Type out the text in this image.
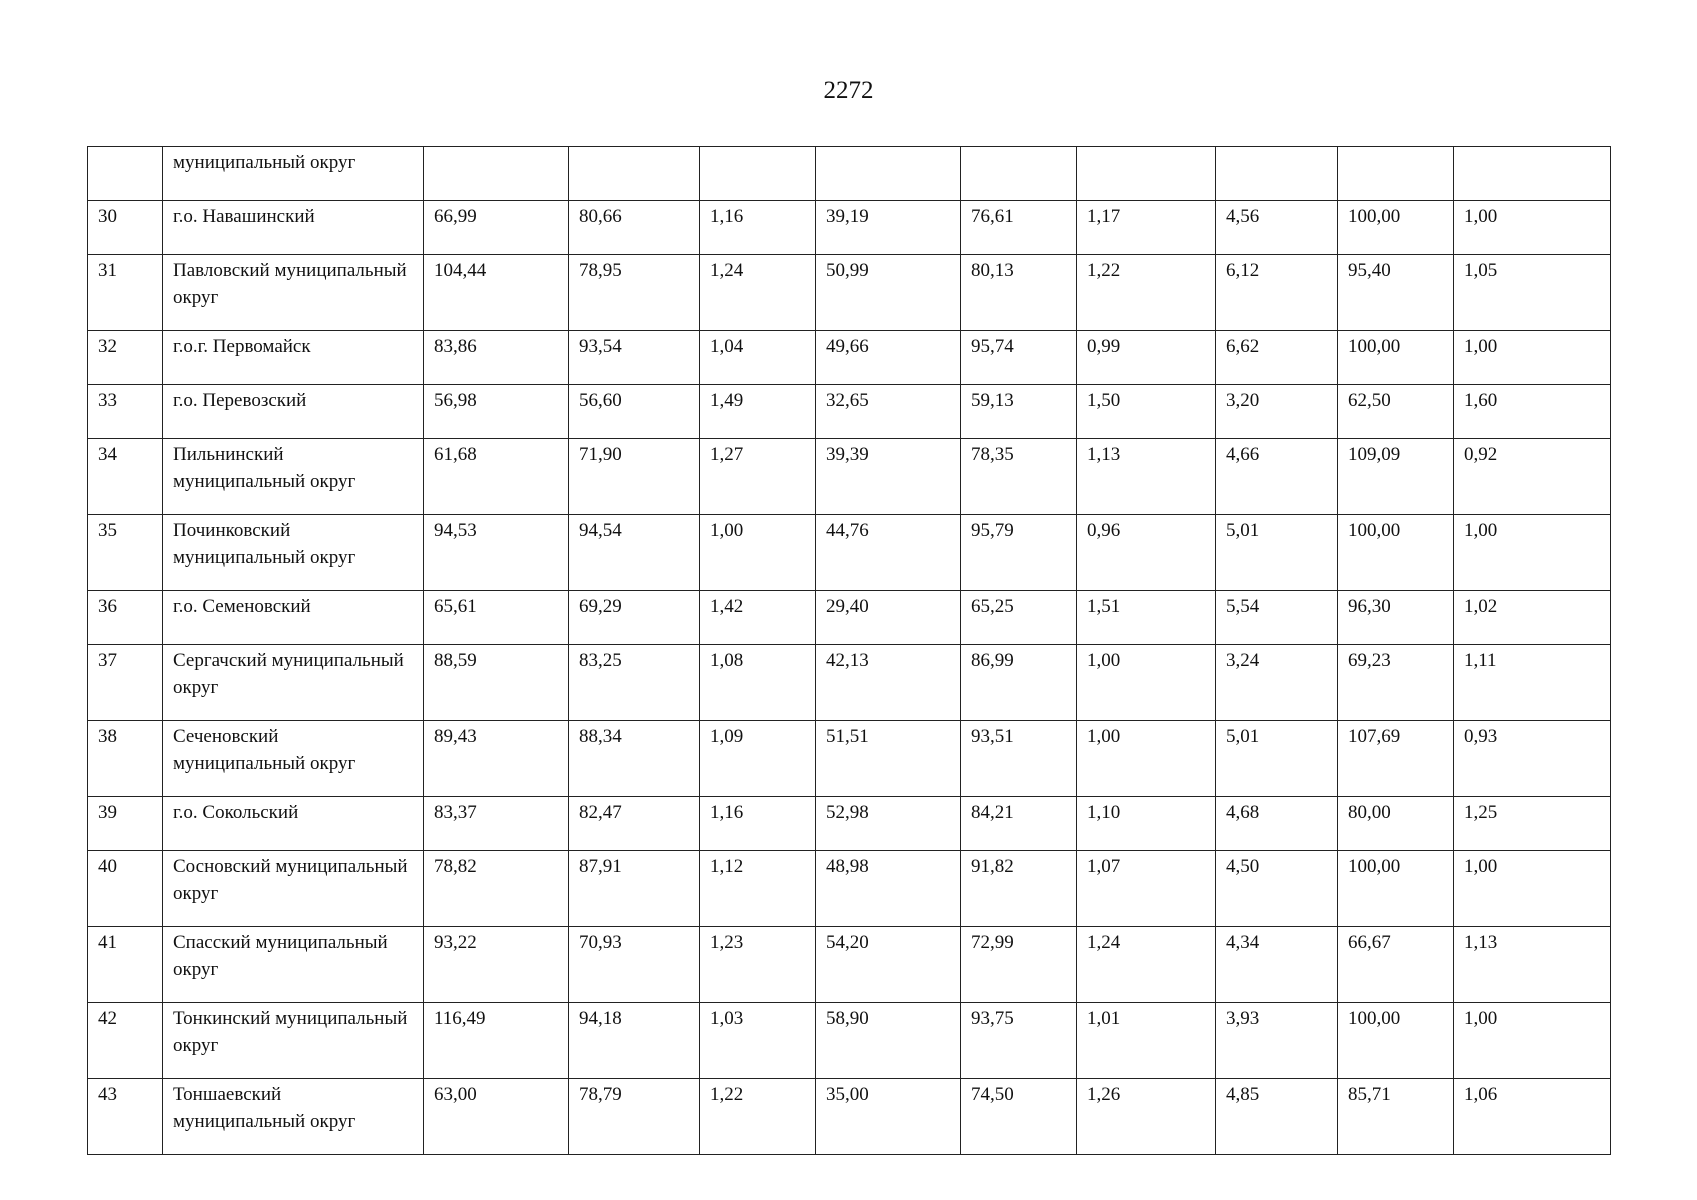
2272
	муниципальный округ									
30	г.о. Навашинский	66,99	80,66	1,16	39,19	76,61	1,17	4,56	100,00	1,00
31	Павловский муниципальный округ	104,44	78,95	1,24	50,99	80,13	1,22	6,12	95,40	1,05
32	г.о.г. Первомайск	83,86	93,54	1,04	49,66	95,74	0,99	6,62	100,00	1,00
33	г.о. Перевозский	56,98	56,60	1,49	32,65	59,13	1,50	3,20	62,50	1,60
34	Пильнинский муниципальный округ	61,68	71,90	1,27	39,39	78,35	1,13	4,66	109,09	0,92
35	Починковский муниципальный округ	94,53	94,54	1,00	44,76	95,79	0,96	5,01	100,00	1,00
36	г.о. Семеновский	65,61	69,29	1,42	29,40	65,25	1,51	5,54	96,30	1,02
37	Сергачский муниципальный округ	88,59	83,25	1,08	42,13	86,99	1,00	3,24	69,23	1,11
38	Сеченовский муниципальный округ	89,43	88,34	1,09	51,51	93,51	1,00	5,01	107,69	0,93
39	г.о. Сокольский	83,37	82,47	1,16	52,98	84,21	1,10	4,68	80,00	1,25
40	Сосновский муниципальный округ	78,82	87,91	1,12	48,98	91,82	1,07	4,50	100,00	1,00
41	Спасский муниципальный округ	93,22	70,93	1,23	54,20	72,99	1,24	4,34	66,67	1,13
42	Тонкинский муниципальный округ	116,49	94,18	1,03	58,90	93,75	1,01	3,93	100,00	1,00
43	Тоншаевский муниципальный округ	63,00	78,79	1,22	35,00	74,50	1,26	4,85	85,71	1,06
